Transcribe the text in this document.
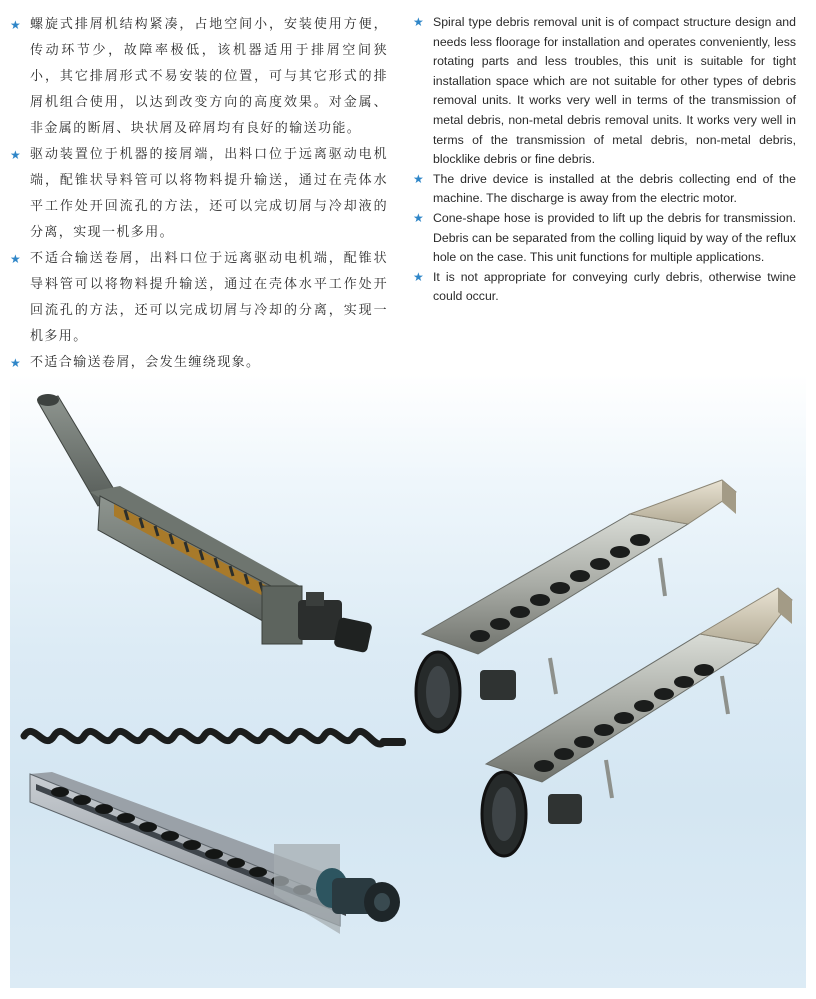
★ 螺旋式排屑机结构紧凑，占地空间小，安装使用方便，传动环节少，故障率极低，该机器适用于排屑空间狭小，其它排屑形式不易安装的位置，可与其它形式的排屑机组合使用，以达到改变方向的高度效果。对金属、非金属的断屑、块状屑及碎屑均有良好的输送功能。
★ 驱动装置位于机器的接屑端，出料口位于远离驱动电机端，配锥状导料管可以将物料提升输送，通过在壳体水平工作处开回流孔的方法，还可以完成切屑与冷却液的分离，实现一机多用。
★ 不适合输送卷屑，出料口位于远离驱动电机端，配锥状导料管可以将物料提升输送，通过在壳体水平工作处开回流孔的方法，还可以完成切屑与冷却的分离，实现一机多用。
★ 不适合输送卷屑，会发生缠绕现象。
★ Spiral type debris removal unit is of compact structure design and needs less floorage for installation and operates conveniently, less rotating parts and less troubles, this unit is suitable for tight installation space which are not suitable for other types of debris removal units. It works very well in terms of the transmission of metal debris, non-metal debris removal units. It works very well in terms of the transmission of metal debris, non-metal debris, blocklike debris or fine debris.
★ The drive device is installed at the debris collecting end of the machine. The discharge is away from the electric motor.
★ Cone-shape hose is provided to lift up the debris for transmission. Debris can be separated from the colling liquid by way of the reflux hole on the case. This unit functions for multiple applications.
★ It is not appropriate for conveying curly debris, otherwise twine could occur.
